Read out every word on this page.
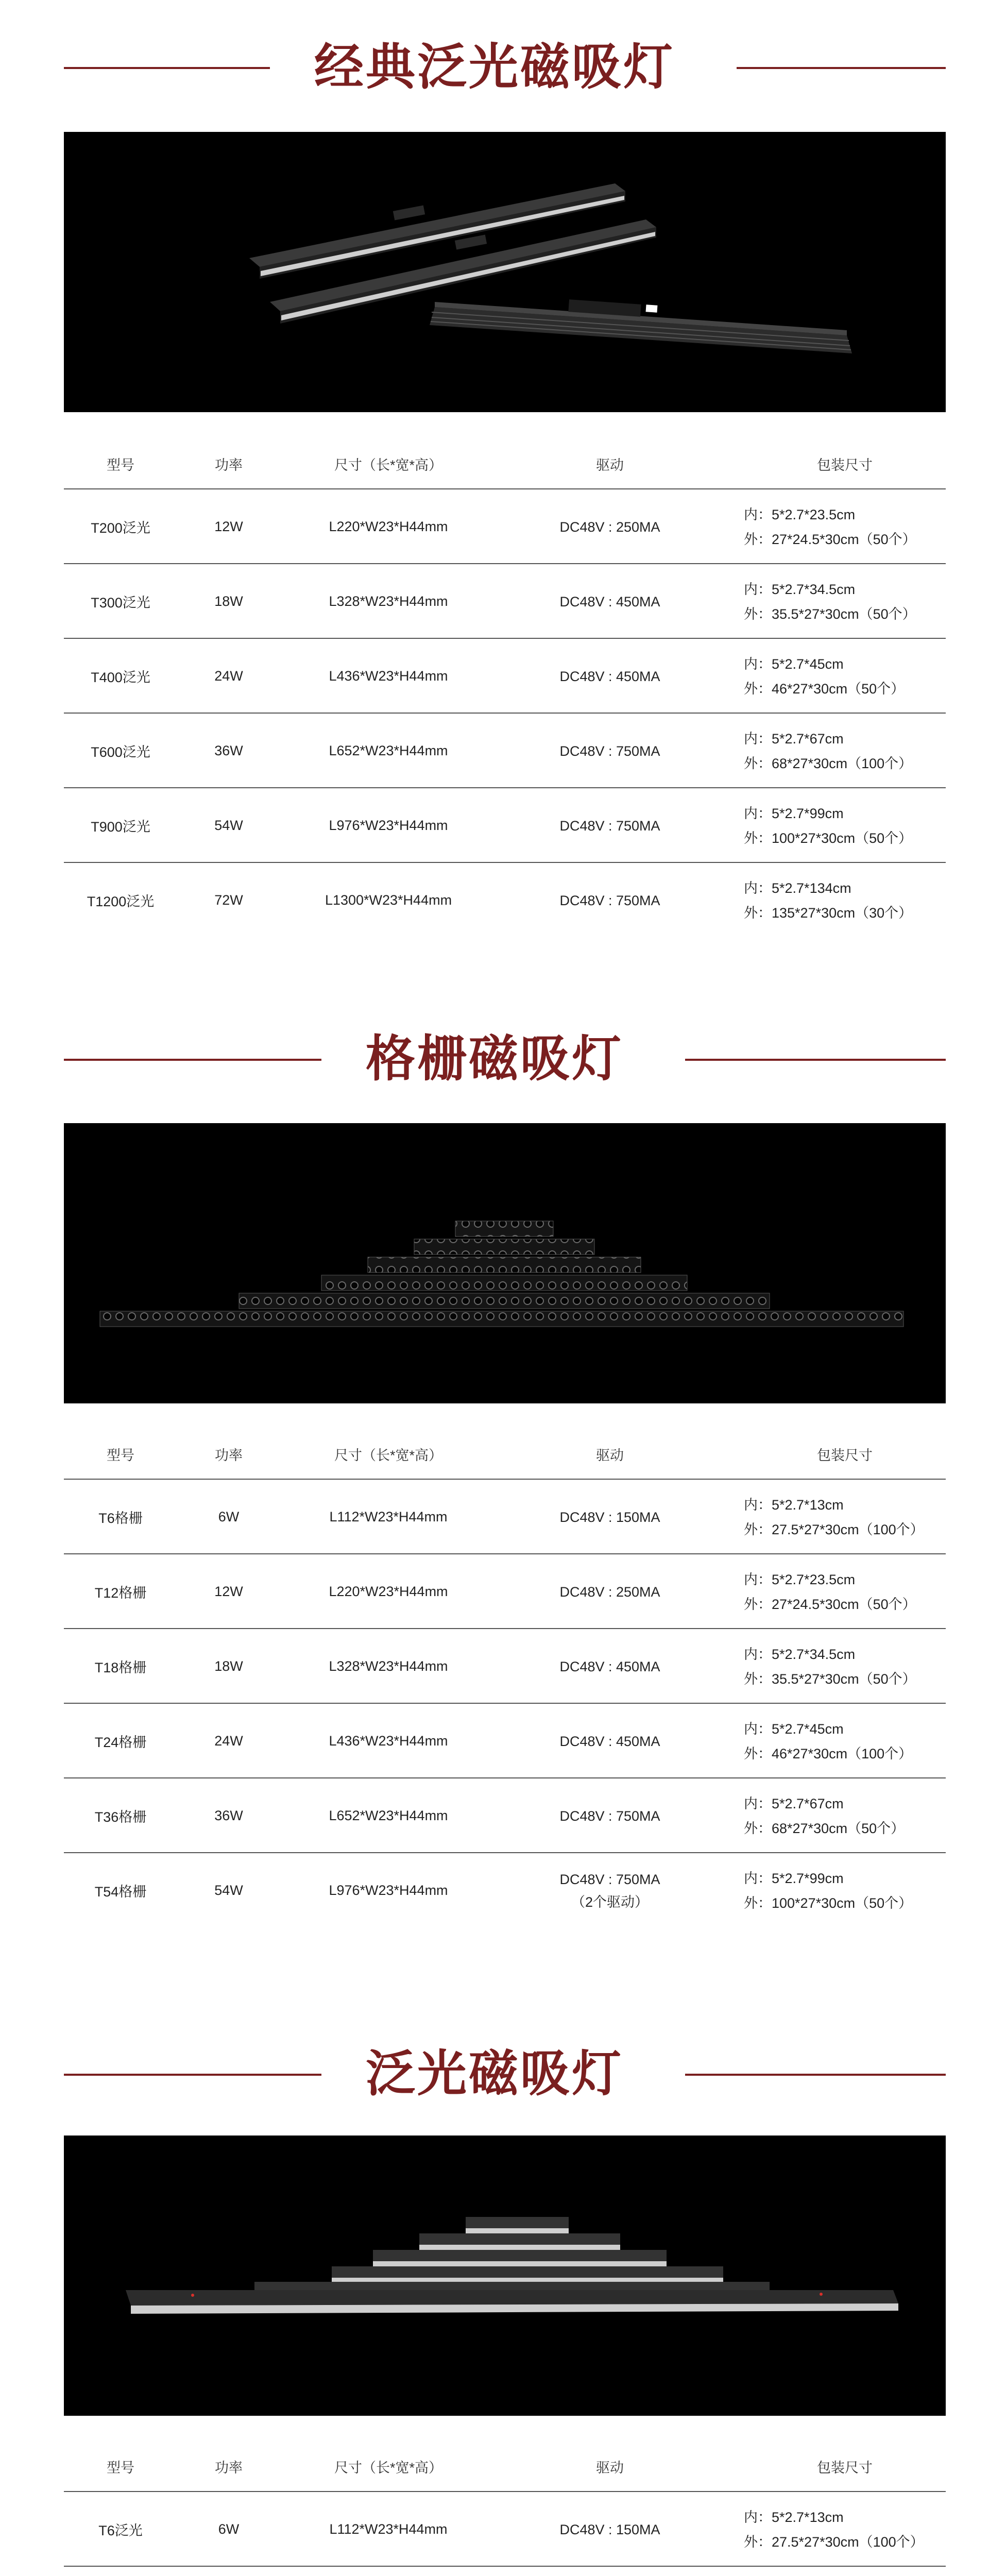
经典泛光磁吸灯
型号	功率	尺寸（长*宽*高）	驱动	包装尺寸
T200泛光	12W	L220*W23*H44mm	DC48V : 250MA
内：5*2.7*23.5cm
外：27*24.5*30cm（50个）
T300泛光	18W	L328*W23*H44mm	DC48V : 450MA
内：5*2.7*34.5cm
外：35.5*27*30cm（50个）
T400泛光	24W	L436*W23*H44mm	DC48V : 450MA
内：5*2.7*45cm
外：46*27*30cm（50个）
T600泛光	36W	L652*W23*H44mm	DC48V : 750MA
内：5*2.7*67cm
外：68*27*30cm（100个）
T900泛光	54W	L976*W23*H44mm	DC48V : 750MA
内：5*2.7*99cm
外：100*27*30cm（50个）
T1200泛光	72W	L1300*W23*H44mm	DC48V : 750MA
内：5*2.7*134cm
外：135*27*30cm（30个）
格栅磁吸灯
型号	功率	尺寸（长*宽*高）	驱动	包装尺寸
T6格栅	6W	L112*W23*H44mm	DC48V : 150MA
内：5*2.7*13cm
外：27.5*27*30cm（100个）
T12格栅	12W	L220*W23*H44mm	DC48V : 250MA
内：5*2.7*23.5cm
外：27*24.5*30cm（50个）
T18格栅	18W	L328*W23*H44mm	DC48V : 450MA
内：5*2.7*34.5cm
外：35.5*27*30cm（50个）
T24格栅	24W	L436*W23*H44mm	DC48V : 450MA
内：5*2.7*45cm
外：46*27*30cm（100个）
T36格栅	36W	L652*W23*H44mm	DC48V : 750MA
内：5*2.7*67cm
外：68*27*30cm（50个）
T54格栅	54W	L976*W23*H44mm
DC48V : 750MA
（2个驱动）
内：5*2.7*99cm
外：100*27*30cm（50个）
泛光磁吸灯
型号	功率	尺寸（长*宽*高）	驱动	包装尺寸
T6泛光	6W	L112*W23*H44mm	DC48V : 150MA
内：5*2.7*13cm
外：27.5*27*30cm（100个）
